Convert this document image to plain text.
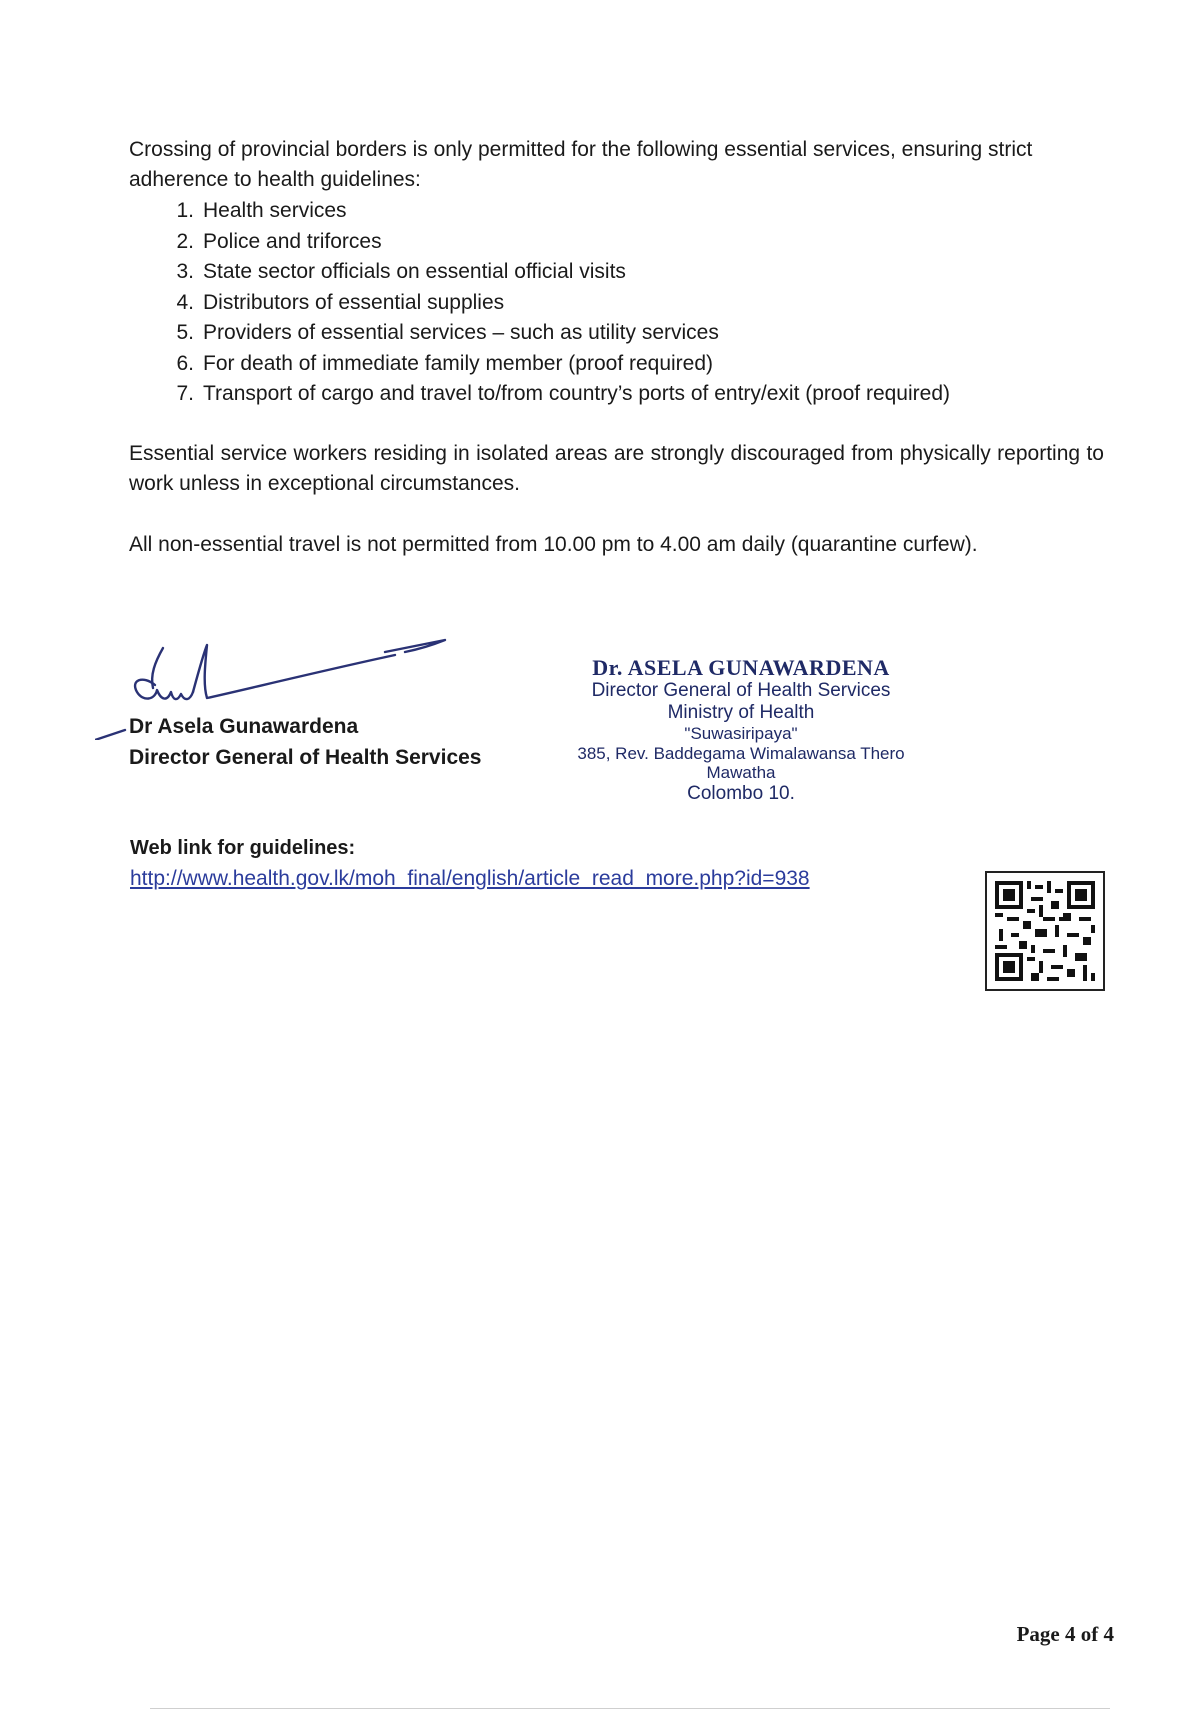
Crossing of provincial borders is only permitted for the following essential services, ensuring strict adherence to health guidelines:

1. Health services
2. Police and triforces
3. State sector officials on essential official visits
4. Distributors of essential supplies
5. Providers of essential services – such as utility services
6. For death of immediate family member (proof required)
7. Transport of cargo and travel to/from country’s ports of entry/exit (proof required)

Essential service workers residing in isolated areas are strongly discouraged from physically reporting to work unless in exceptional circumstances.

All non-essential travel is not permitted from 10.00 pm to 4.00 am daily (quarantine curfew).

Dr Asela Gunawardena
Director General of Health Services
Dr. ASELA GUNAWARDENA
Director General of Health Services
Ministry of Health
"Suwasiripaya"
385, Rev. Baddegama Wimalawansa Thero Mawatha
Colombo 10.
Web link for guidelines:
http://www.health.gov.lk/moh_final/english/article_read_more.php?id=938
Page 4 of 4
